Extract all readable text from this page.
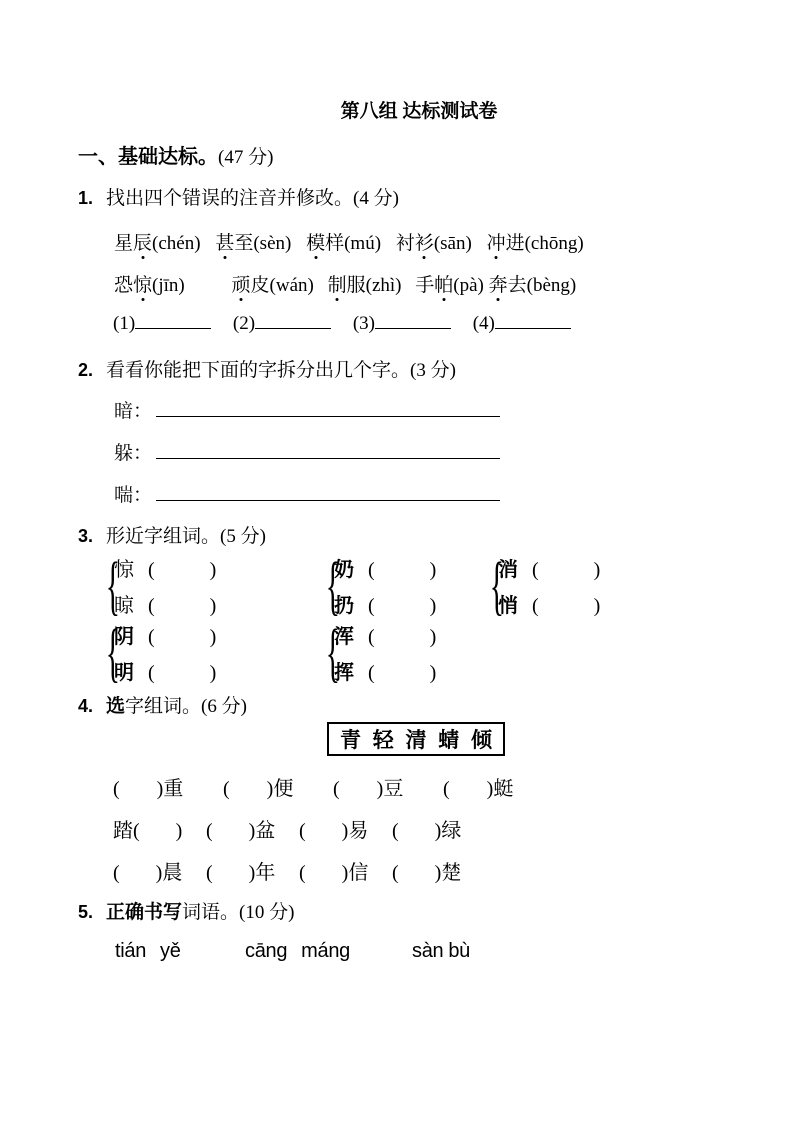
第八组 达标测试卷
一、基础达标。(47 分)
1. 找出四个错误的注音并修改。(4 分)
星辰(chén) 甚至(sèn) 模样(mú) 衬衫(sān) 冲进(chōng)
恐惊(jīn) 顽皮(wán) 制服(zhì) 手帕(pà) 奔去(bèng)
(1)	(2)	(3)	(4)
2. 看看你能把下面的字拆分出几个字。(3 分)
暗：
躲：
喘：
3. 形近字组词。(5 分)
{
惊 (	)
晾 (	) {
奶 (	)
扔 (	) {
消 (	)
悄 (	)
{
阴 (	)
明 (	) {
浑 (	)
挥 (	)
4. 选字组词。(6 分)
青 轻 清 蜻 倾
( )重 ( )便 ( )豆 ( )蜓
踏( ) ( )盆 ( )易 ( )绿
( )晨 ( )年 ( )信 ( )楚
5. 正确书写词语。(10 分)
tián yě	cāng máng	sàn bù
